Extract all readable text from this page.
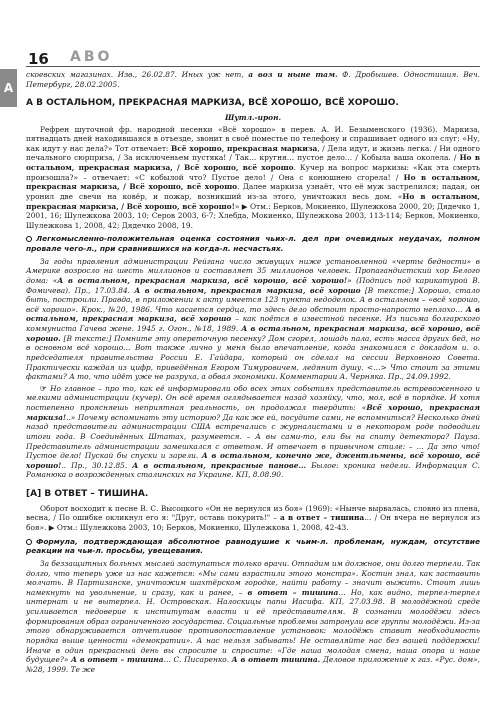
16 АВО
А

скоевских магазинах. Изв., 26.02.87. Иных уж нет, а воз и ныне там. Ф. Дробышев. Одностишия. Веч. Петербург, 28.02.2005.

А В ОСТАЛЬНОМ, ПРЕКРАСНАЯ МАРКИЗА, ВСЁ ХОРОШО, ВСЁ ХОРОШО.
Шутл.-ирон.

Рефрен шуточной фр. народной песенки «Всё хорошо» в перев. А. И. Безыменского (1936). Маркиза, пятнадцать дней находившаяся в отъезде, звонит в своё поместье по телефону и спрашивает одного из слуг: «Ну, как идут у нас дела?» Тот отвечает: Всё хорошо, прекрасная маркиза, / Дела идут, и жизнь легка. / Ни одного печального сюрприза, / За исключеньем пустяка! / Так… кругня… пустое дело… / Кобыла ваша околела. / Но в остальном, прекрасная маркиза, / Всё хорошо, всё хорошо. Кучер на вопрос маркизы: «Как эта смерть произошла?» – отвечает: «С кобылой что? Пустое дело! / Она с конюшнею сгорела! / Но в остальном, прекрасная маркиза, / Всё хорошо, всё хорошо. Далее маркиза узнаёт, что её муж застрелился; падая, он уронил две свечи на ковёр, и пожар, возникший из-за этого, уничтожил весь дом. «Но в остальном, прекрасная маркиза, / Всё хорошо, всё хорошо!» ▶ Отм.: Берков, Мокиенко, Шулежкова 2000, 20; Дядечко 1, 2001, 16; Шулежкова 2003, 10; Серов 2003, 6-7; Хлебда, Мокиенко, Шулежкова 2003, 113-114; Берков, Мокиенко, Шулежкова 1, 2008, 42; Дядечко 2008, 19.

Легкомысленно-положительная оценка состояния чьих-л. дел при очевидных неудачах, полном провале чего-л., при сравнившихся на когда-л. несчастьях.

За годы правления администрации Рейгана число живущих ниже установленной «черты бедности» в Америке возросло на шесть миллионов и составляет 35 миллионов человек. Пропагандистский хор Белого дома: «А в остальном, прекрасная маркиза, всё хорошо, всё хорошо!» (Подпись под карикатурой В. Фомичева). Пр., 17.03.84. А в остальном, прекрасная маркиза, всё хорошо [В тексте:] Хорошо, стало быть, построили. Правда, в приложении к акту имеется 123 пункта недоделок. А в остальном – «всё хорошо, всё хорошо». Крок., №20, 1986. Что касается сердца, то здесь дело обстоит просто-напросто неплохо… А в остальном, прекрасная маркиза, всё хорошо – как поётся в известной песенке. Из письма болгарского коммуниста Гачева жене. 1945 г. Огон., №18, 1989. А в остальном, прекрасная маркиза, всё хорошо, всё хорошо. [В тексте:] Помните эту опереточную песенку? Дом сгорел, лошадь пала, есть масса других бед, но в основном всё хорошо… Вот также лично у меня было впечатление, когда знакомился с докладом и. о. председателя правительства России Е. Гайдара, который он сделал на сессии Верховного Совета. Практически каждая из цифр, приведённая Егором Тимуровичем, ледянит душу. <…> Что стоит за этими фактами? А то, что идёт уже не разруха, а обвал экономики. Комментарии А. Черняка. Пр., 24.09.1992.

☞ Но главное – про то, как её информировали обо всех этих событиях представитель встревоженного и мелкими администрации (кучер). Он всё время оглядывается назад хозяйку, что, мол, всё в порядке. И хотя постепенно проясняешь неприятная реальность, он продолжал твердить: «Всё хорошо, прекрасная маркиза!..» Почему вспоминать эту историю? Да как же ей, посудите сами, не вспомниться? Несколько дней назад представители администрации США встречались с журналистами и в некотором роде подводили итоги года. В Соединённых Штатах, разумеется. – А вы сами-то, ели бы на спиту детектора? Пауза. Представитель администрации замешкался с ответом. И отвечает в привычном стиле: – … Да это что! Пустое дело! Пускай бы спуски и зарели. А в остальном, конечно же, джентльмены, всё хорошо, всё хорошо!.. Пр., 30.12.85. А в остальном, прекрасные панове... Былое: хроника недели. Информация С. Романюка о возрожденных сталинских на Украине. КП, 8.08.90.

[А] В ОТВЕТ – ТИШИНА.

Оборот восходит к песне В. С. Высоцкого «Он не вернулся из боя» (1969): «Нынче вырвалась, словно из плена, весна, / По ошибке окликнул его я: "Друг, оставь покурить!" – а в ответ – тишина… / Он вчера не вернулся из боя». ▶ Отм.: Шулежкова 2003, 10; Берков, Мокиенко, Шулежкова 1, 2008, 42-43.

Формула, подтверждающая абсолютное равнодушие к чьим-л. проблемам, нуждам, отсутствие реакции на чьи-л. просьбы, увещевания.

За беззащитных больных мыслей заступаться только врачи. Отпадим им должное, они долго терпели. Так долго, что теперь уже из нас кажется: «Мы сами взрастили этого монстра». Костин знал, как заставить молчать. В Партизанске, уничтожим шахтёрском городке, найти работу – значит выжить. Стоит лишь намекнуть на увольнение, и сразу, как и ранее, – в ответ – тишина… Но, как видно, терпел-терпел интернат и не вытерпел. Н. Островская. Налоскицы папы Иасифа. КП, 27.03.98. В молодёжной среде усиливается недоверие к институтам власти и её представителям. В сознании молодёжи здесь формирования образ ограниченного государства. Социальные проблемы затронули все группы молодёжи. Из-за этого обнаруживается отчетливое противопоставление установок: молодёжь ставит необходимость порядка выше ценности «демократии». А нас нельзя забывать! Не оставляйте нас без вашей поддержки! Иначе в один прекрасный день вы спросите и спросите: «Где наша молодая смена, наша опора и наше будущее?» А в ответ – тишина… С. Писаренко. А в ответ тишина. Деловое приложение к газ. «Рус. дом», №28, 1999. Те же
